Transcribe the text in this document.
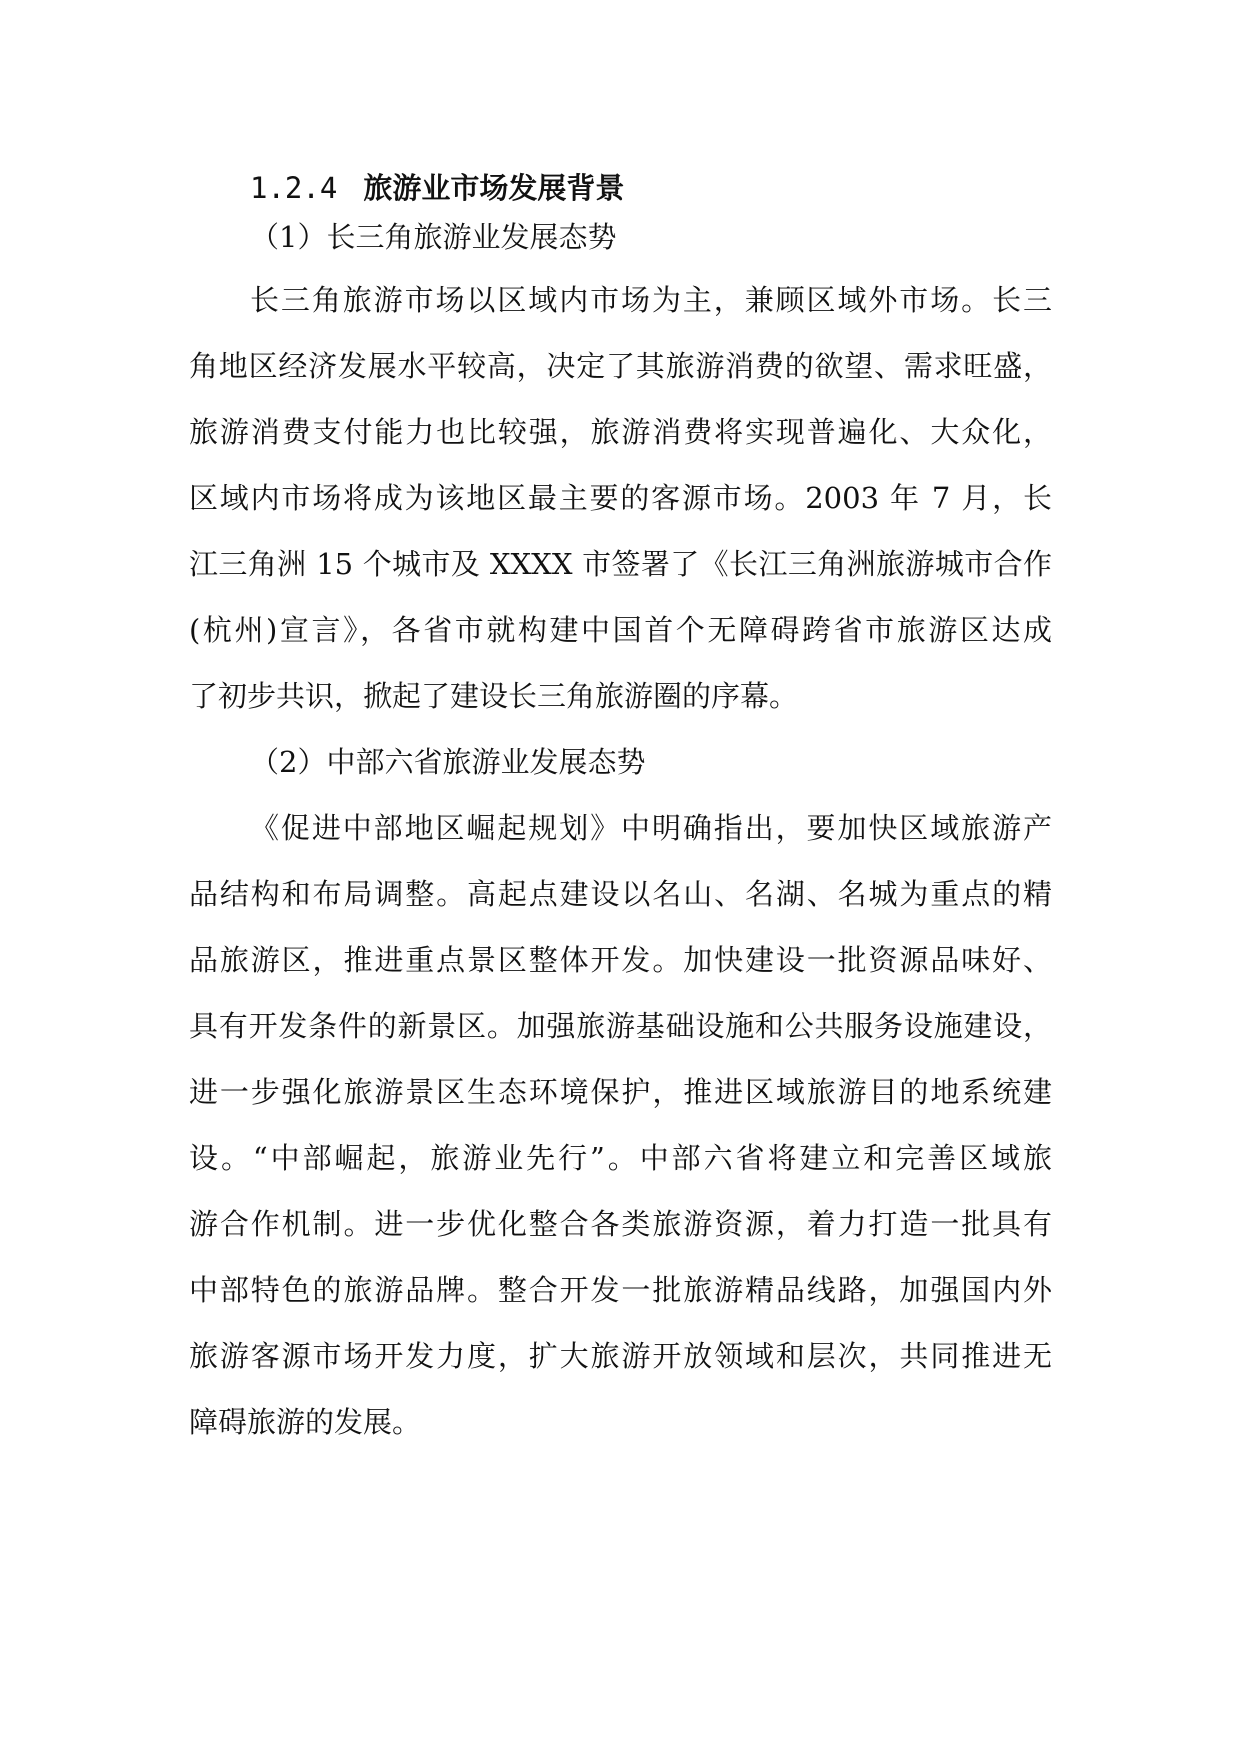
1.2.4 旅游业市场发展背景
（1）长三角旅游业发展态势
长三角旅游市场以区域内市场为主，兼顾区域外市场。长三
角地区经济发展水平较高，决定了其旅游消费的欲望、需求旺盛，
旅游消费支付能力也比较强，旅游消费将实现普遍化、大众化，
区域内市场将成为该地区最主要的客源市场。2003 年 7 月，长
江三角洲 15 个城市及 XXXX 市签署了《长江三角洲旅游城市合作
(杭州)宣言》，各省市就构建中国首个无障碍跨省市旅游区达成
了初步共识，掀起了建设长三角旅游圈的序幕。
（2）中部六省旅游业发展态势
《促进中部地区崛起规划》中明确指出，要加快区域旅游产
品结构和布局调整。高起点建设以名山、名湖、名城为重点的精
品旅游区，推进重点景区整体开发。加快建设一批资源品味好、
具有开发条件的新景区。加强旅游基础设施和公共服务设施建设，
进一步强化旅游景区生态环境保护，推进区域旅游目的地系统建
设。“中部崛起，旅游业先行”。中部六省将建立和完善区域旅
游合作机制。进一步优化整合各类旅游资源，着力打造一批具有
中部特色的旅游品牌。整合开发一批旅游精品线路，加强国内外
旅游客源市场开发力度，扩大旅游开放领域和层次，共同推进无
障碍旅游的发展。
